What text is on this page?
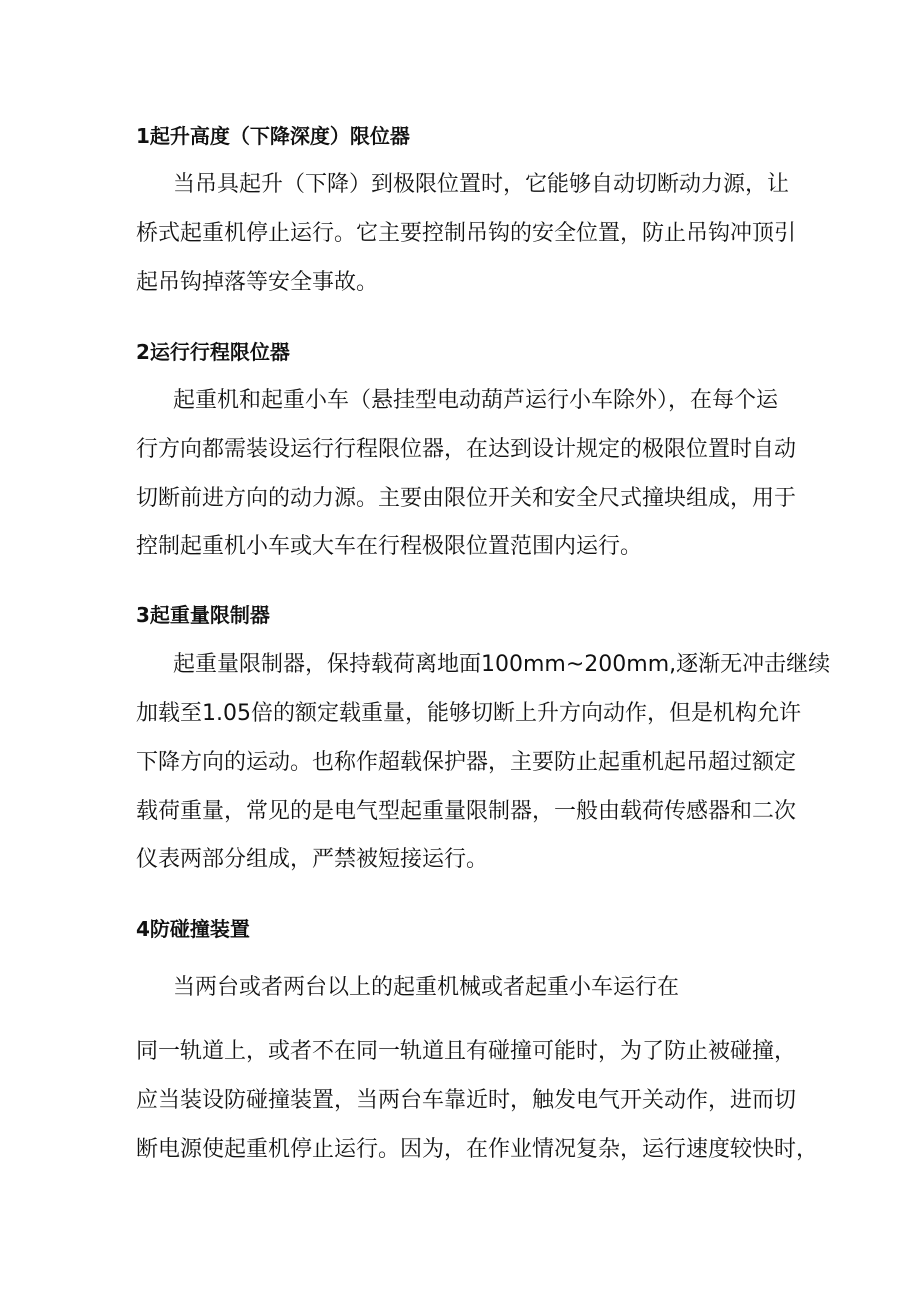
1起升高度（下降深度）限位器
当吊具起升（下降）到极限位置时，它能够自动切断动力源，让
桥式起重机停止运行。它主要控制吊钩的安全位置，防止吊钩冲顶引
起吊钩掉落等安全事故。
2运行行程限位器
起重机和起重小车（悬挂型电动葫芦运行小车除外），在每个运
行方向都需装设运行行程限位器，在达到设计规定的极限位置时自动
切断前进方向的动力源。主要由限位开关和安全尺式撞块组成，用于
控制起重机小车或大车在行程极限位置范围内运行。
3起重量限制器
起重量限制器，保持载荷离地面100mm~200mm,逐渐无冲击继续
加载至1.05倍的额定载重量，能够切断上升方向动作，但是机构允许
下降方向的运动。也称作超载保护器，主要防止起重机起吊超过额定
载荷重量，常见的是电气型起重量限制器，一般由载荷传感器和二次
仪表两部分组成，严禁被短接运行。
4防碰撞装置
当两台或者两台以上的起重机械或者起重小车运行在
同一轨道上，或者不在同一轨道且有碰撞可能时，为了防止被碰撞，
应当装设防碰撞装置，当两台车靠近时，触发电气开关动作，进而切
断电源使起重机停止运行。因为，在作业情况复杂，运行速度较快时，
